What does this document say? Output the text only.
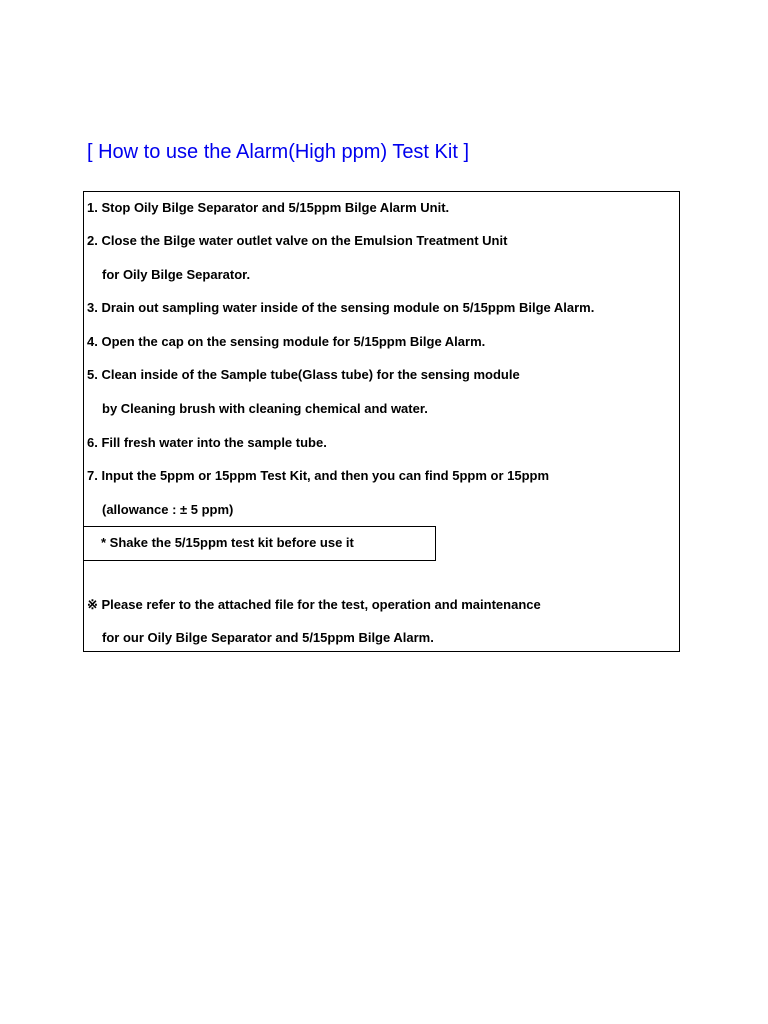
[ How to use the Alarm(High ppm) Test Kit ]
1. Stop Oily Bilge Separator and 5/15ppm Bilge Alarm Unit.
2. Close the Bilge water outlet valve on the Emulsion Treatment Unit
for Oily Bilge Separator.
3. Drain out sampling water inside of the sensing module on 5/15ppm Bilge Alarm.
4. Open the cap on the sensing module for 5/15ppm Bilge Alarm.
5. Clean inside of the Sample tube(Glass tube) for the sensing module
by Cleaning brush with cleaning chemical and water.
6. Fill fresh water into the sample tube.
7. Input the 5ppm or 15ppm Test Kit, and then you can find 5ppm or 15ppm
(allowance : ± 5 ppm)
* Shake the 5/15ppm test kit before use it
※ Please refer to the attached file for the test, operation and maintenance
for our Oily Bilge Separator and 5/15ppm Bilge Alarm.
